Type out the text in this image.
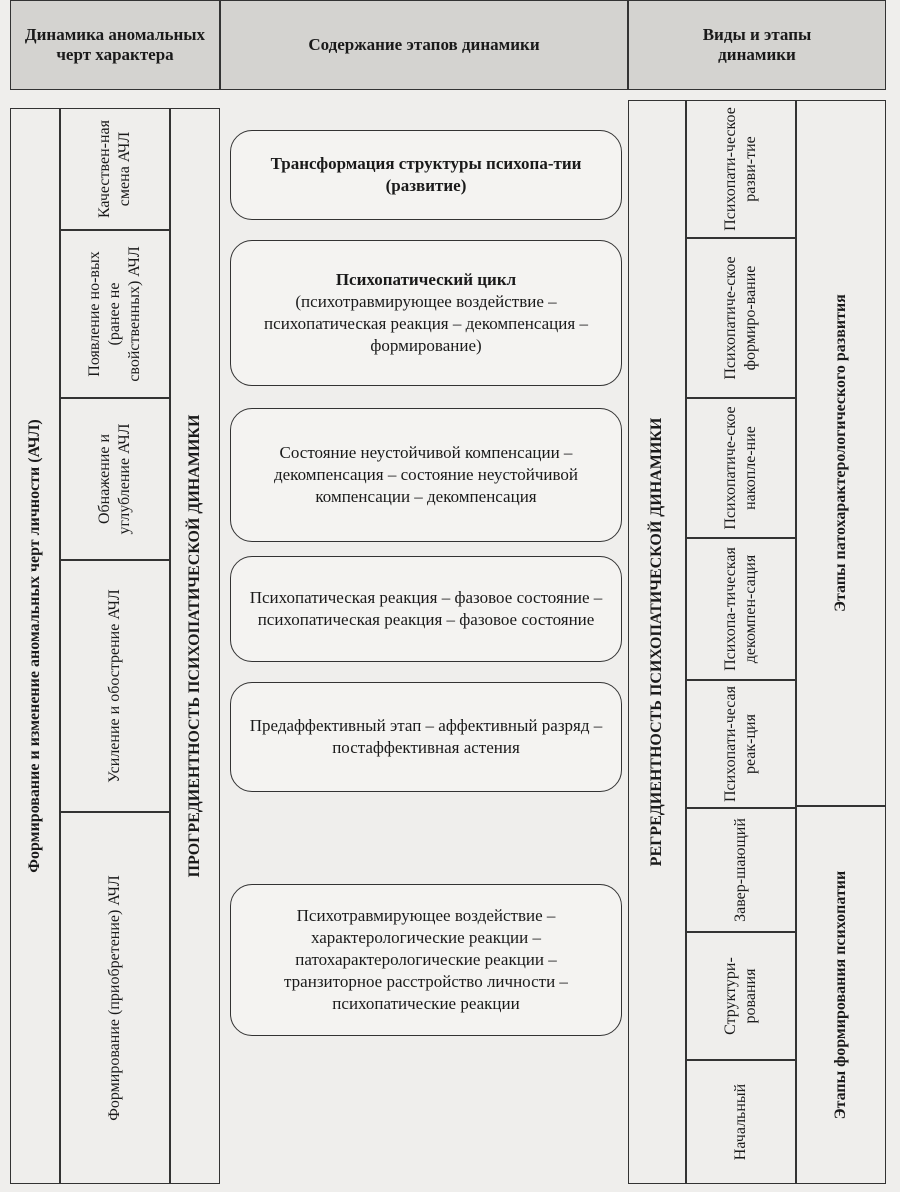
Динамика аномальных черт характера
Содержание этапов динамики
Виды и этапы динамики
Формирование и изменение аномальных черт личности (АЧЛ)
Качествен-ная смена АЧЛ
Появление но-вых (ранее не свойственных) АЧЛ
Обнажение и углубление АЧЛ
Усиление и обострение АЧЛ
Формирование (приобретение) АЧЛ
ПРОГРЕДИЕНТНОСТЬ ПСИХОПАТИЧЕСКОЙ ДИНАМИКИ
Трансформация структуры психопа-тии (развитие)
Психопатический цикл
(психотравмирующее воздействие – психопатическая реакция – декомпенсация – формирование)
Состояние неустойчивой компенсации – декомпенсация – состояние неустойчивой компенсации – декомпенсация
Психопатическая реакция – фазовое состояние – психопатическая реакция – фазовое состояние
Предаффективный этап – аффективный разряд – постаффективная астения
Психотравмирующее воздействие – характерологические реакции – патохарактерологические реакции – транзиторное расстройство личности – психопатические реакции
РЕГРЕДИЕНТНОСТЬ ПСИХОПАТИЧЕСКОЙ ДИНАМИКИ
Психопати-ческое разви-тие
Психопатиче-ское формиро-вание
Психопатиче-ское накопле-ние
Психопа-тическая декомпен-сация
Психопати-чесая реак-ция
Завер-шающий
Структури-рования
Начальный
Этапы патохарактерологического развития
Этапы формирования психопатии
